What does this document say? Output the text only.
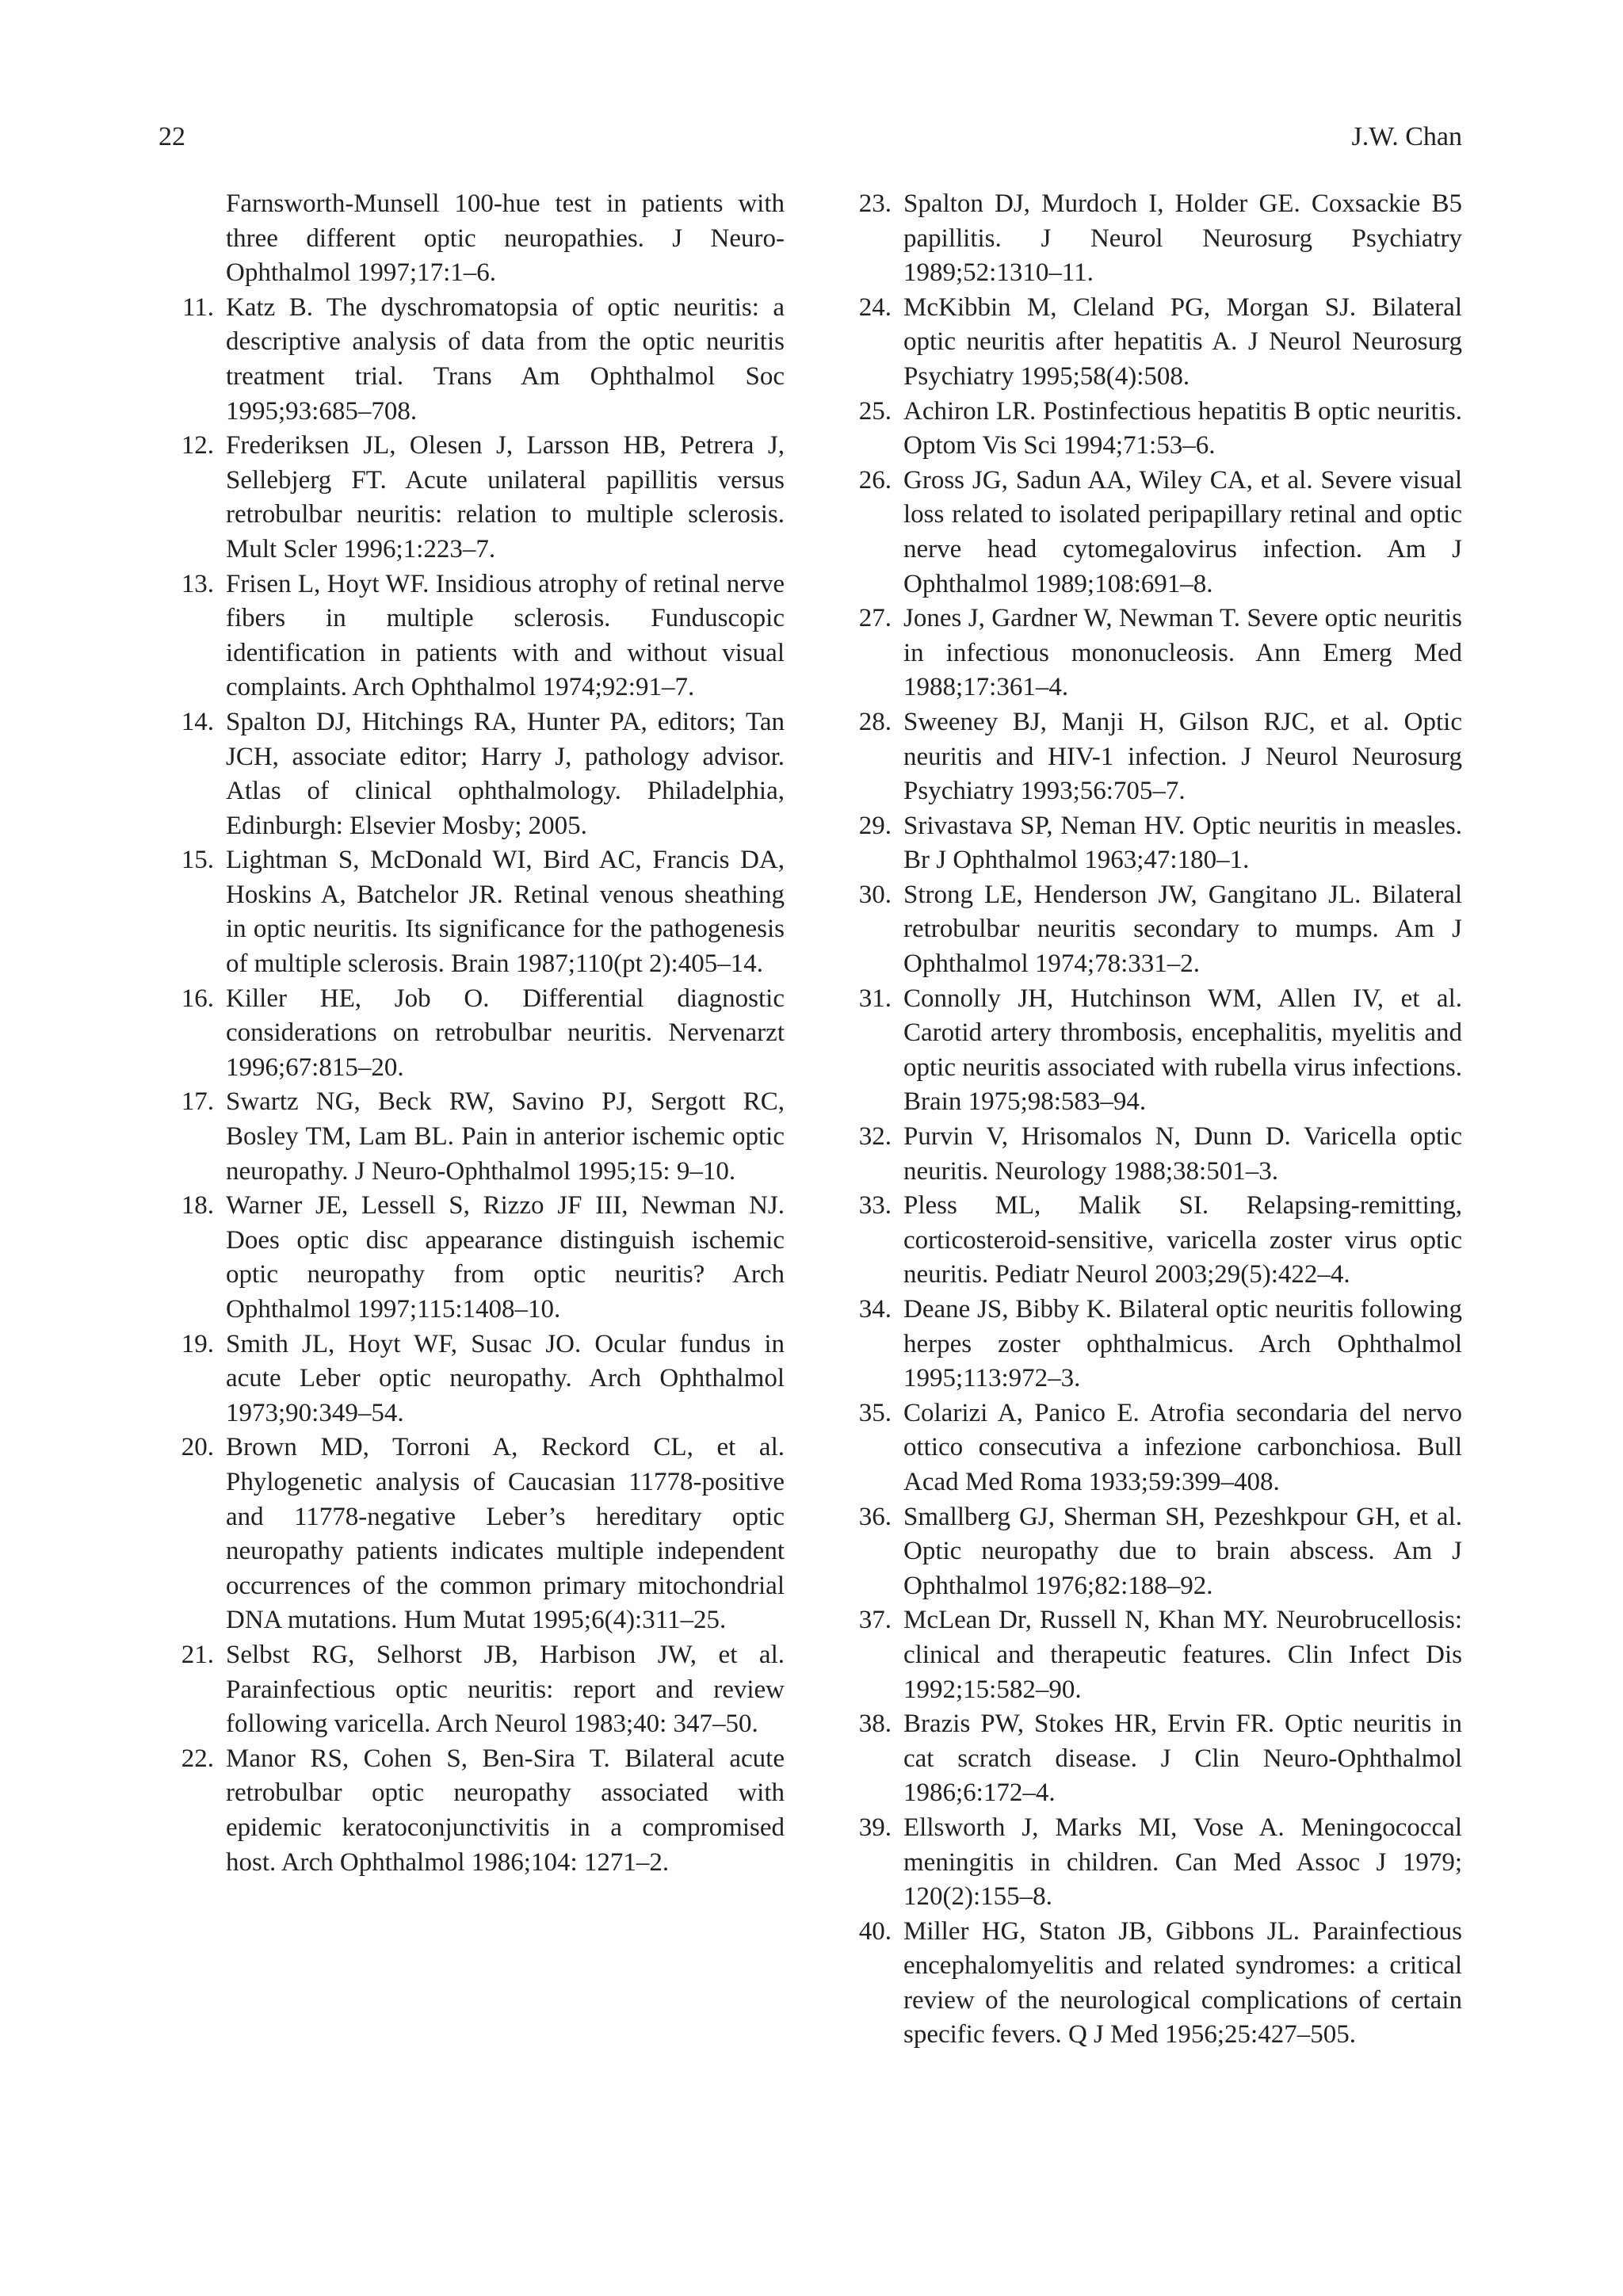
22	J.W. Chan
Farnsworth-Munsell 100-hue test in patients with three different optic neuropathies. J Neuro-Ophthalmol 1997;17:1–6.
11. Katz B. The dyschromatopsia of optic neuritis: a descriptive analysis of data from the optic neuritis treatment trial. Trans Am Ophthalmol Soc 1995;93:685–708.
12. Frederiksen JL, Olesen J, Larsson HB, Petrera J, Sellebjerg FT. Acute unilateral papillitis versus retrobulbar neuritis: relation to multiple sclerosis. Mult Scler 1996;1:223–7.
13. Frisen L, Hoyt WF. Insidious atrophy of retinal nerve fibers in multiple sclerosis. Funduscopic identification in patients with and without visual complaints. Arch Ophthalmol 1974;92:91–7.
14. Spalton DJ, Hitchings RA, Hunter PA, editors; Tan JCH, associate editor; Harry J, pathology advisor. Atlas of clinical ophthalmology. Philadelphia, Edinburgh: Elsevier Mosby; 2005.
15. Lightman S, McDonald WI, Bird AC, Francis DA, Hoskins A, Batchelor JR. Retinal venous sheathing in optic neuritis. Its significance for the pathogenesis of multiple sclerosis. Brain 1987;110(pt 2):405–14.
16. Killer HE, Job O. Differential diagnostic considerations on retrobulbar neuritis. Nervenarzt 1996;67:815–20.
17. Swartz NG, Beck RW, Savino PJ, Sergott RC, Bosley TM, Lam BL. Pain in anterior ischemic optic neuropathy. J Neuro-Ophthalmol 1995;15: 9–10.
18. Warner JE, Lessell S, Rizzo JF III, Newman NJ. Does optic disc appearance distinguish ischemic optic neuropathy from optic neuritis? Arch Ophthalmol 1997;115:1408–10.
19. Smith JL, Hoyt WF, Susac JO. Ocular fundus in acute Leber optic neuropathy. Arch Ophthalmol 1973;90:349–54.
20. Brown MD, Torroni A, Reckord CL, et al. Phylogenetic analysis of Caucasian 11778-positive and 11778-negative Leber’s hereditary optic neuropathy patients indicates multiple independent occurrences of the common primary mitochondrial DNA mutations. Hum Mutat 1995;6(4):311–25.
21. Selbst RG, Selhorst JB, Harbison JW, et al. Parainfectious optic neuritis: report and review following varicella. Arch Neurol 1983;40: 347–50.
22. Manor RS, Cohen S, Ben-Sira T. Bilateral acute retrobulbar optic neuropathy associated with epidemic keratoconjunctivitis in a compromised host. Arch Ophthalmol 1986;104: 1271–2.
23. Spalton DJ, Murdoch I, Holder GE. Coxsackie B5 papillitis. J Neurol Neurosurg Psychiatry 1989;52:1310–11.
24. McKibbin M, Cleland PG, Morgan SJ. Bilateral optic neuritis after hepatitis A. J Neurol Neurosurg Psychiatry 1995;58(4):508.
25. Achiron LR. Postinfectious hepatitis B optic neuritis. Optom Vis Sci 1994;71:53–6.
26. Gross JG, Sadun AA, Wiley CA, et al. Severe visual loss related to isolated peripapillary retinal and optic nerve head cytomegalovirus infection. Am J Ophthalmol 1989;108:691–8.
27. Jones J, Gardner W, Newman T. Severe optic neuritis in infectious mononucleosis. Ann Emerg Med 1988;17:361–4.
28. Sweeney BJ, Manji H, Gilson RJC, et al. Optic neuritis and HIV-1 infection. J Neurol Neurosurg Psychiatry 1993;56:705–7.
29. Srivastava SP, Neman HV. Optic neuritis in measles. Br J Ophthalmol 1963;47:180–1.
30. Strong LE, Henderson JW, Gangitano JL. Bilateral retrobulbar neuritis secondary to mumps. Am J Ophthalmol 1974;78:331–2.
31. Connolly JH, Hutchinson WM, Allen IV, et al. Carotid artery thrombosis, encephalitis, myelitis and optic neuritis associated with rubella virus infections. Brain 1975;98:583–94.
32. Purvin V, Hrisomalos N, Dunn D. Varicella optic neuritis. Neurology 1988;38:501–3.
33. Pless ML, Malik SI. Relapsing-remitting, corticosteroid-sensitive, varicella zoster virus optic neuritis. Pediatr Neurol 2003;29(5):422–4.
34. Deane JS, Bibby K. Bilateral optic neuritis following herpes zoster ophthalmicus. Arch Ophthalmol 1995;113:972–3.
35. Colarizi A, Panico E. Atrofia secondaria del nervo ottico consecutiva a infezione carbonchiosa. Bull Acad Med Roma 1933;59:399–408.
36. Smallberg GJ, Sherman SH, Pezeshkpour GH, et al. Optic neuropathy due to brain abscess. Am J Ophthalmol 1976;82:188–92.
37. McLean Dr, Russell N, Khan MY. Neurobrucellosis: clinical and therapeutic features. Clin Infect Dis 1992;15:582–90.
38. Brazis PW, Stokes HR, Ervin FR. Optic neuritis in cat scratch disease. J Clin Neuro-Ophthalmol 1986;6:172–4.
39. Ellsworth J, Marks MI, Vose A. Meningococcal meningitis in children. Can Med Assoc J 1979; 120(2):155–8.
40. Miller HG, Staton JB, Gibbons JL. Parainfectious encephalomyelitis and related syndromes: a critical review of the neurological complications of certain specific fevers. Q J Med 1956;25:427–505.
